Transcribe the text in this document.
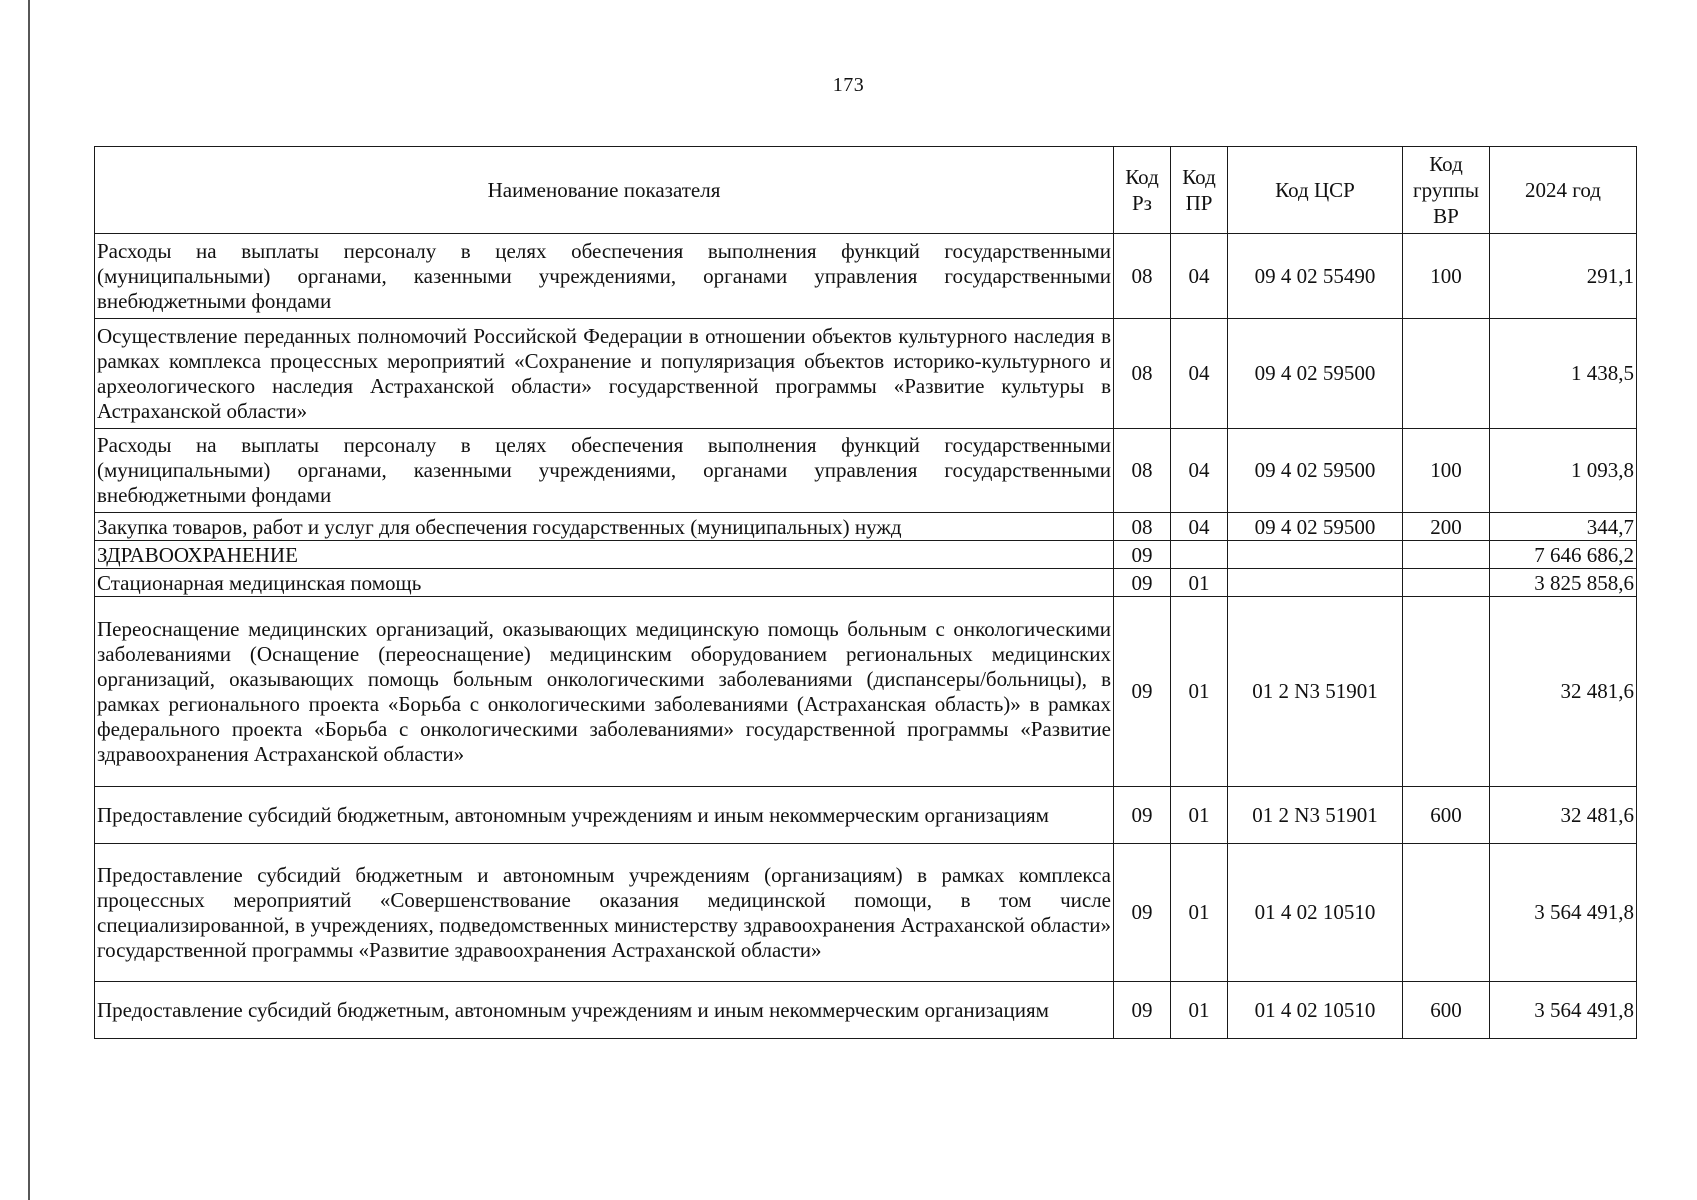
173
Наименование показателя	Код Рз	Код ПР	Код ЦСР	Код группы ВР	2024 год
Расходы на выплаты персоналу в целях обеспечения выполнения функций государственными (муниципальными) органами, казенными учреждениями, органами управления государственными внебюджетными фондами	08	04	09 4 02 55490	100	291,1
Осуществление переданных полномочий Российской Федерации в отношении объектов культурного наследия в рамках комплекса процессных мероприятий «Сохранение и популяризация объектов историко-культурного и археологического наследия Астраханской области» государственной программы «Развитие культуры в Астраханской области»	08	04	09 4 02 59500		1 438,5
Расходы на выплаты персоналу в целях обеспечения выполнения функций государственными (муниципальными) органами, казенными учреждениями, органами управления государственными внебюджетными фондами	08	04	09 4 02 59500	100	1 093,8
Закупка товаров, работ и услуг для обеспечения государственных (муниципальных) нужд	08	04	09 4 02 59500	200	344,7
ЗДРАВООХРАНЕНИЕ	09				7 646 686,2
Стационарная медицинская помощь	09	01			3 825 858,6
Переоснащение медицинских организаций, оказывающих медицинскую помощь больным с онкологическими заболеваниями (Оснащение (переоснащение) медицинским оборудованием региональных медицинских организаций, оказывающих помощь больным онкологическими заболеваниями (диспансеры/больницы), в рамках регионального проекта «Борьба с онкологическими заболеваниями (Астраханская область)» в рамках федерального проекта «Борьба с онкологическими заболеваниями» государственной программы «Развитие здравоохранения Астраханской области»	09	01	01 2 N3 51901		32 481,6
Предоставление субсидий бюджетным, автономным учреждениям и иным некоммерческим организациям	09	01	01 2 N3 51901	600	32 481,6
Предоставление субсидий бюджетным и автономным учреждениям (организациям) в рамках комплекса процессных мероприятий «Совершенствование оказания медицинской помощи, в том числе специализированной, в учреждениях, подведомственных министерству здравоохранения Астраханской области» государственной программы «Развитие здравоохранения Астраханской области»	09	01	01 4 02 10510		3 564 491,8
Предоставление субсидий бюджетным, автономным учреждениям и иным некоммерческим организациям	09	01	01 4 02 10510	600	3 564 491,8
